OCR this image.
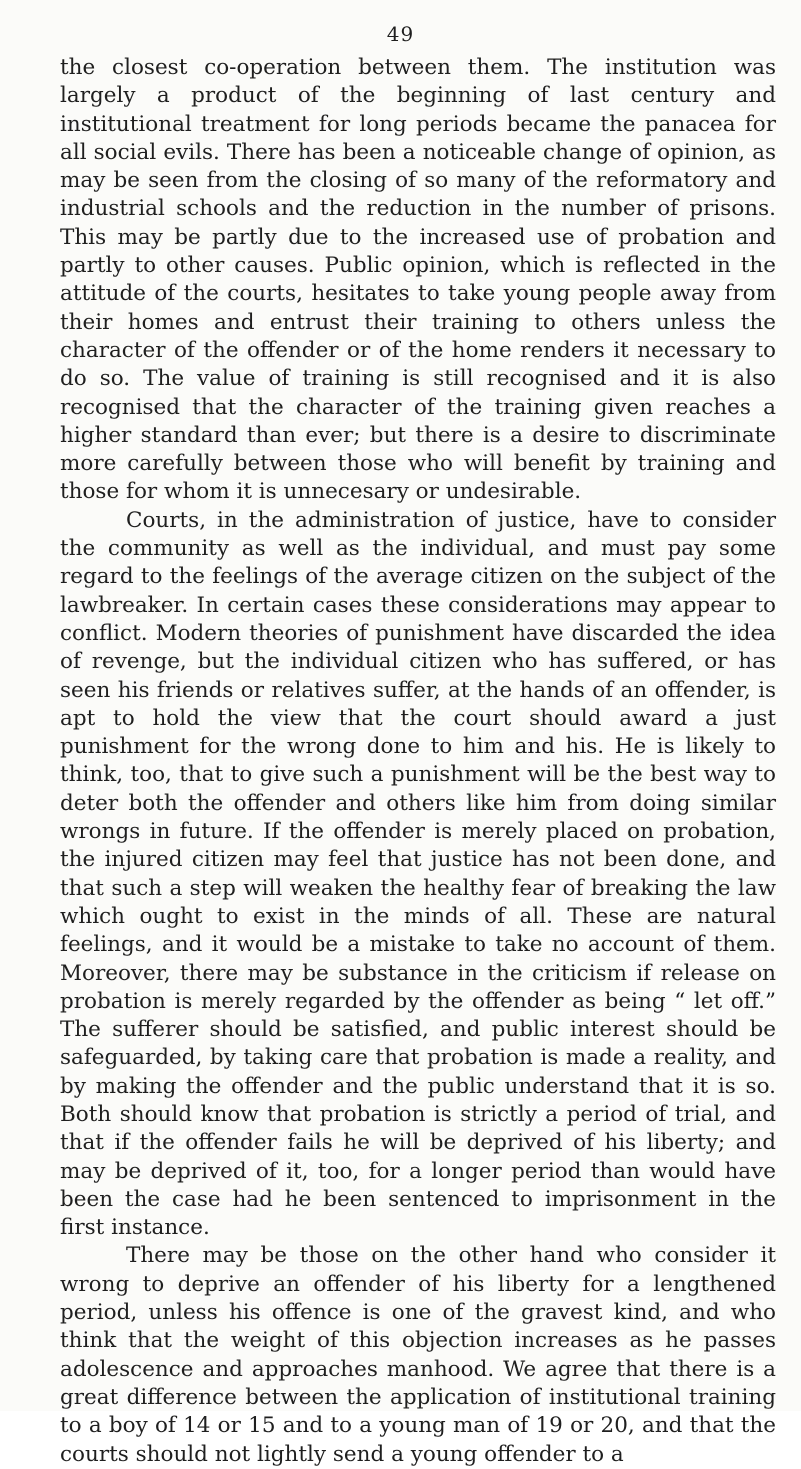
49

the closest co-operation between them. The institution was largely a product of the beginning of last century and institutional treatment for long periods became the panacea for all social evils. There has been a noticeable change of opinion, as may be seen from the closing of so many of the reformatory and industrial schools and the reduction in the number of prisons. This may be partly due to the increased use of probation and partly to other causes. Public opinion, which is reflected in the attitude of the courts, hesitates to take young people away from their homes and entrust their training to others unless the character of the offender or of the home renders it necessary to do so. The value of training is still recognised and it is also recognised that the character of the training given reaches a higher standard than ever; but there is a desire to discriminate more carefully between those who will benefit by training and those for whom it is unnecesary or undesirable.

Courts, in the administration of justice, have to consider the community as well as the individual, and must pay some regard to the feelings of the average citizen on the subject of the lawbreaker. In certain cases these considerations may appear to conflict. Modern theories of punishment have discarded the idea of revenge, but the individual citizen who has suffered, or has seen his friends or relatives suffer, at the hands of an offender, is apt to hold the view that the court should award a just punishment for the wrong done to him and his. He is likely to think, too, that to give such a punishment will be the best way to deter both the offender and others like him from doing similar wrongs in future. If the offender is merely placed on probation, the injured citizen may feel that justice has not been done, and that such a step will weaken the healthy fear of breaking the law which ought to exist in the minds of all. These are natural feelings, and it would be a mistake to take no account of them. Moreover, there may be substance in the criticism if release on probation is merely regarded by the offender as being “ let off.” The sufferer should be satisfied, and public interest should be safeguarded, by taking care that probation is made a reality, and by making the offender and the public understand that it is so. Both should know that probation is strictly a period of trial, and that if the offender fails he will be deprived of his liberty; and may be deprived of it, too, for a longer period than would have been the case had he been sentenced to imprisonment in the first instance.

There may be those on the other hand who consider it wrong to deprive an offender of his liberty for a lengthened period, unless his offence is one of the gravest kind, and who think that the weight of this objection increases as he passes adolescence and approaches manhood. We agree that there is a great difference between the application of institutional training to a boy of 14 or 15 and to a young man of 19 or 20, and that the courts should not lightly send a young offender to a
